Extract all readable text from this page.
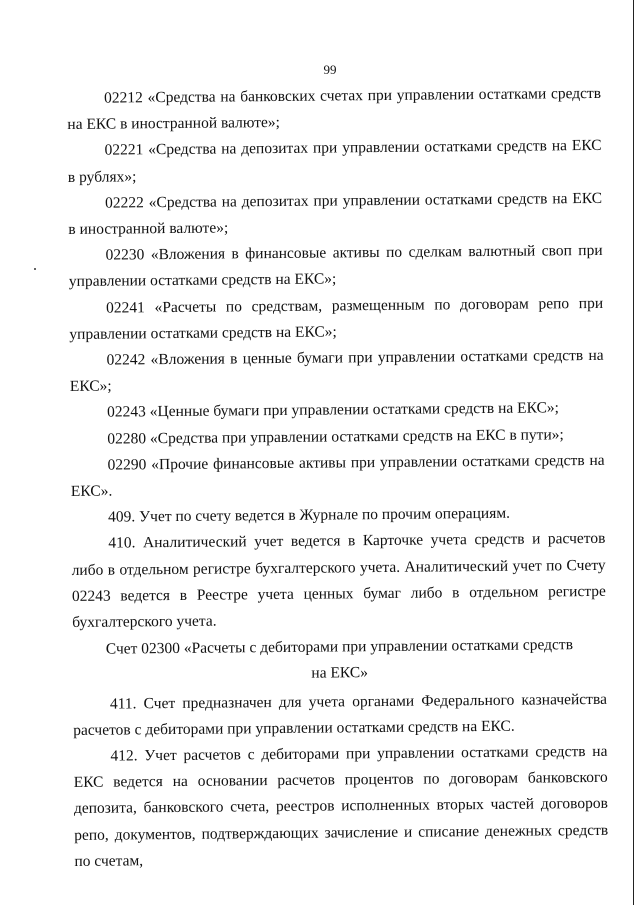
99

02212 «Средства на банковских счетах при управлении остатками средств на ЕКС в иностранной валюте»;

02221 «Средства на депозитах при управлении остатками средств на ЕКС в рублях»;

02222 «Средства на депозитах при управлении остатками средств на ЕКС в иностранной валюте»;

02230 «Вложения в финансовые активы по сделкам валютный своп при управлении остатками средств на ЕКС»;

02241 «Расчеты по средствам, размещенным по договорам репо при управлении остатками средств на ЕКС»;

02242 «Вложения в ценные бумаги при управлении остатками средств на ЕКС»;

02243 «Ценные бумаги при управлении остатками средств на ЕКС»;

02280 «Средства при управлении остатками средств на ЕКС в пути»;

02290 «Прочие финансовые активы при управлении остатками средств на ЕКС».

409. Учет по счету ведется в Журнале по прочим операциям.

410. Аналитический учет ведется в Карточке учета средств и расчетов либо в отдельном регистре бухгалтерского учета. Аналитический учет по Счету 02243 ведется в Реестре учета ценных бумаг либо в отдельном регистре бухгалтерского учета.

Счет 02300 «Расчеты с дебиторами при управлении остатками средств на ЕКС»

411. Счет предназначен для учета органами Федерального казначейства расчетов с дебиторами при управлении остатками средств на ЕКС.

412. Учет расчетов с дебиторами при управлении остатками средств на ЕКС ведется на основании расчетов процентов по договорам банковского депозита, банковского счета, реестров исполненных вторых частей договоров репо, документов, подтверждающих зачисление и списание денежных средств по счетам,
